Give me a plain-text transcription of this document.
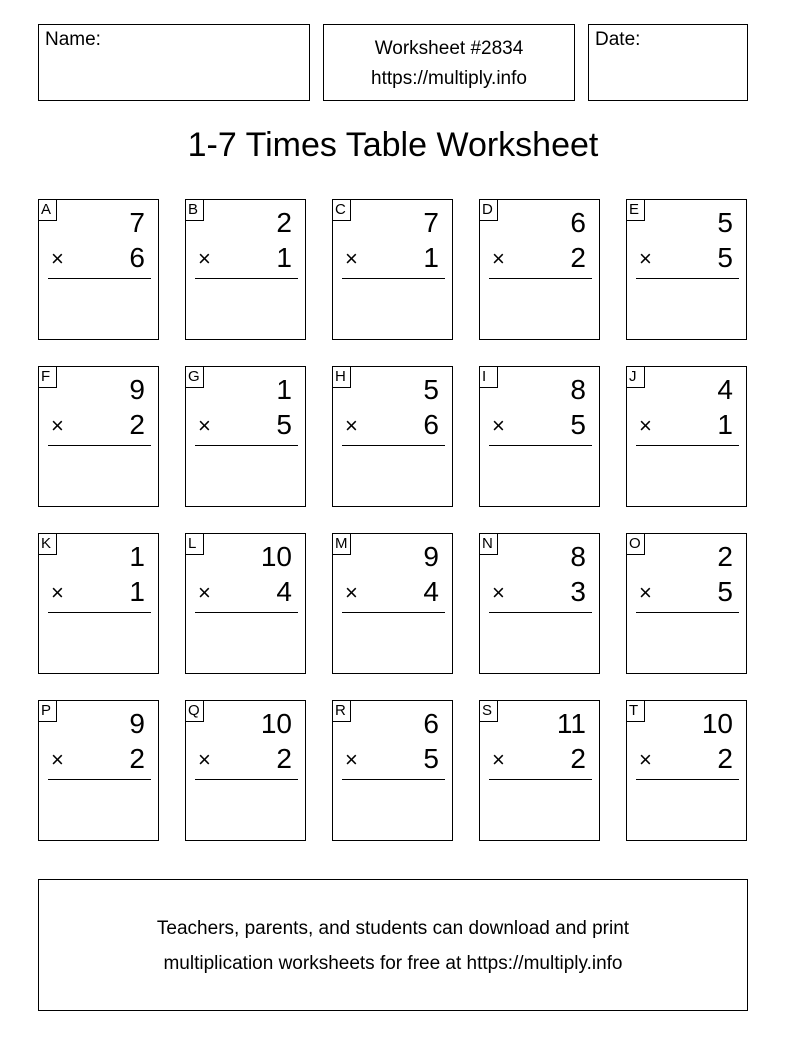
Name:	Worksheet #2834
https://multiply.info
Date:
1-7 Times Table Worksheet
A	7
× 6
B	2
× 1
C	7
× 1
D	6
× 2
E	5
× 5
F	9
× 2
G	1
× 5
H	5
× 6
I	8
× 5
J	4
× 1
K	1
× 1
L 10
× 4
M	9
× 4
N	8
× 3
O	2
× 5
P	9
× 2
Q 10
× 2
R	6
× 5
S 11
× 2
T 10
× 2
Teachers, parents, and students can download and print
multiplication worksheets for free at https://multiply.info
